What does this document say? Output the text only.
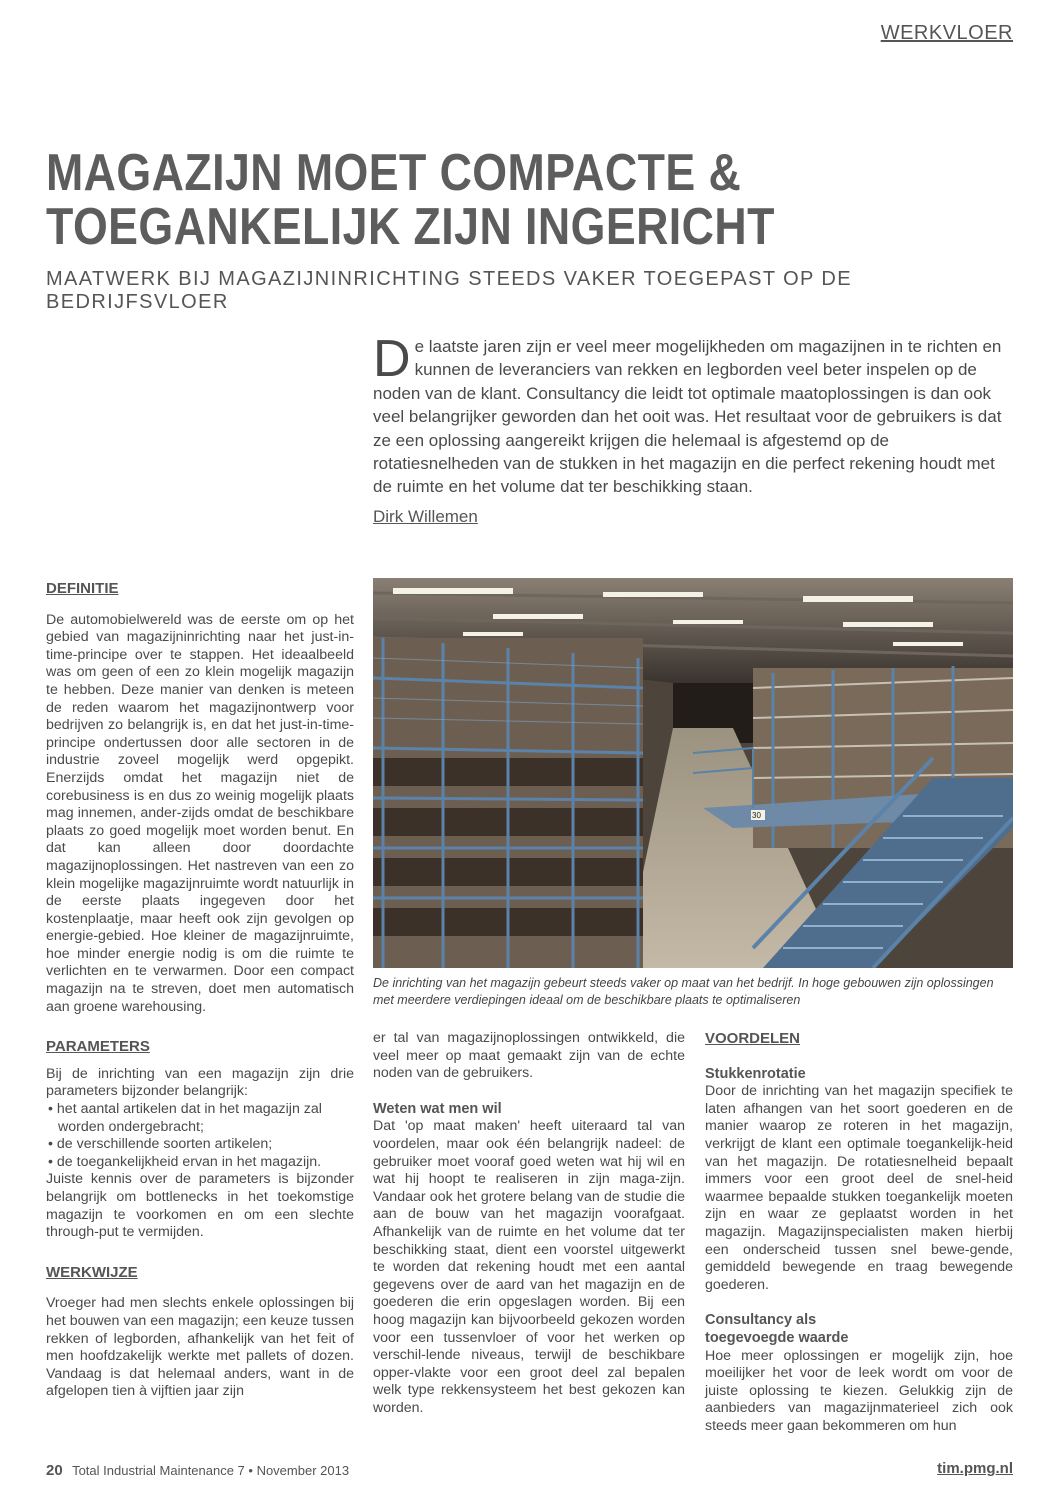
WERKVLOER
MAGAZIJN MOET COMPACTE &
TOEGANKELIJK ZIJN INGERICHT
MAATWERK BIJ MAGAZIJNINRICHTING STEEDS VAKER TOEGEPAST OP DE BEDRIJFSVLOER
D e laatste jaren zijn er veel meer mogelijkheden om magazijnen in te richten en kunnen de leveranciers van rekken en legborden veel beter inspelen op de noden van de klant. Consultancy die leidt tot optimale maatoplossingen is dan ook veel belangrijker geworden dan het ooit was. Het resultaat voor de gebruikers is dat ze een oplossing aangereikt krijgen die helemaal is afgestemd op de rotatiesnelheden van de stukken in het magazijn en die perfect rekening houdt met de ruimte en het volume dat ter beschikking staan.
Dirk Willemen
DEFINITIE

De automobielwereld was de eerste om op het gebied van magazijninrichting naar het just-in-time-principe over te stappen. Het ideaalbeeld was om geen of een zo klein mogelijk magazijn te hebben. Deze manier van denken is meteen de reden waarom het magazijnontwerp voor bedrijven zo belangrijk is, en dat het just-in-time-principe ondertussen door alle sectoren in de industrie zoveel mogelijk werd opgepikt. Enerzijds omdat het magazijn niet de corebusiness is en dus zo weinig mogelijk plaats mag innemen, ander-zijds omdat de beschikbare plaats zo goed mogelijk moet worden benut. En dat kan alleen door doordachte magazijnoplossingen. Het nastreven van een zo klein mogelijke magazijnruimte wordt natuurlijk in de eerste plaats ingegeven door het kostenplaatje, maar heeft ook zijn gevolgen op energie-gebied. Hoe kleiner de magazijnruimte, hoe minder energie nodig is om die ruimte te verlichten en te verwarmen. Door een compact magazijn na te streven, doet men automatisch aan groene warehousing.

PARAMETERS

Bij de inrichting van een magazijn zijn drie parameters bijzonder belangrijk:

• het aantal artikelen dat in het magazijn zal worden ondergebracht;
• de verschillende soorten artikelen;
• de toegankelijkheid ervan in het magazijn.

Juiste kennis over de parameters is bijzonder belangrijk om bottlenecks in het toekomstige magazijn te voorkomen en om een slechte through-put te vermijden.

WERKWIJZE

Vroeger had men slechts enkele oplossingen bij het bouwen van een magazijn; een keuze tussen rekken of legborden, afhankelijk van het feit of men hoofdzakelijk werkte met pallets of dozen. Vandaag is dat helemaal anders, want in de afgelopen tien à vijftien jaar zijn

30
De inrichting van het magazijn gebeurt steeds vaker op maat van het bedrijf. In hoge gebouwen zijn oplossingen met meerdere verdiepingen ideaal om de beschikbare plaats te optimaliseren

er tal van magazijnoplossingen ontwikkeld, die veel meer op maat gemaakt zijn van de echte noden van de gebruikers.

Weten wat men wil

Dat 'op maat maken' heeft uiteraard tal van voordelen, maar ook één belangrijk nadeel: de gebruiker moet vooraf goed weten wat hij wil en wat hij hoopt te realiseren in zijn maga-zijn. Vandaar ook het grotere belang van de studie die aan de bouw van het magazijn voorafgaat. Afhankelijk van de ruimte en het volume dat ter beschikking staat, dient een voorstel uitgewerkt te worden dat rekening houdt met een aantal gegevens over de aard van het magazijn en de goederen die erin opgeslagen worden. Bij een hoog magazijn kan bijvoorbeeld gekozen worden voor een tussenvloer of voor het werken op verschil-lende niveaus, terwijl de beschikbare opper-vlakte voor een groot deel zal bepalen welk type rekkensysteem het best gekozen kan worden.

VOORDELEN
Stukkenrotatie

Door de inrichting van het magazijn specifiek te laten afhangen van het soort goederen en de manier waarop ze roteren in het magazijn, verkrijgt de klant een optimale toegankelijk-heid van het magazijn. De rotatiesnelheid bepaalt immers voor een groot deel de snel-heid waarmee bepaalde stukken toegankelijk moeten zijn en waar ze geplaatst worden in het magazijn. Magazijnspecialisten maken hierbij een onderscheid tussen snel bewe-gende, gemiddeld bewegende en traag bewegende goederen.

Consultancy als
toegevoegde waarde

Hoe meer oplossingen er mogelijk zijn, hoe moeilijker het voor de leek wordt om voor de juiste oplossing te kiezen. Gelukkig zijn de aanbieders van magazijnmaterieel zich ook steeds meer gaan bekommeren om hun

20 Total Industrial Maintenance 7 • November 2013	tim.pmg.nl
